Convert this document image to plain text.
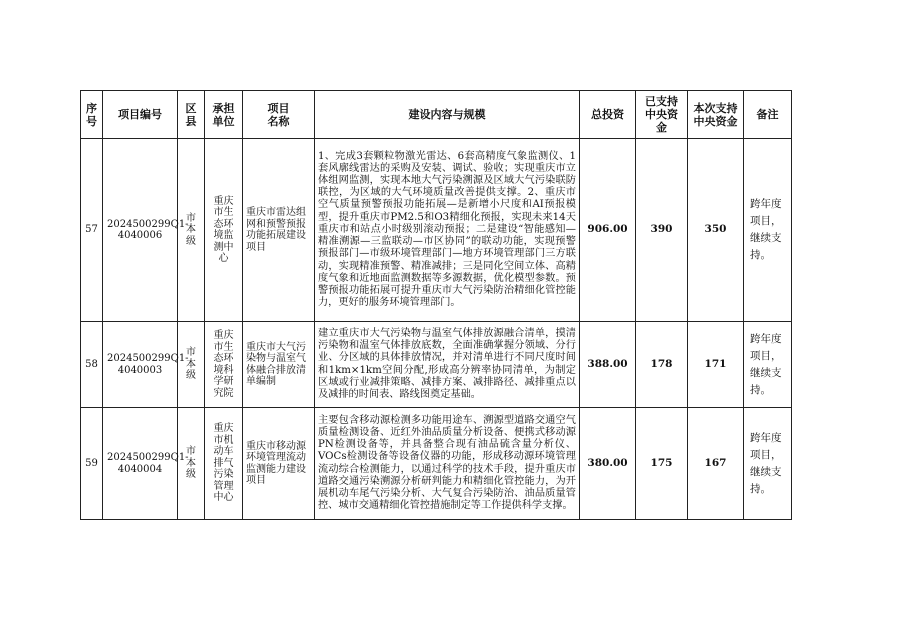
序号	项目编号	区县	承担单位	项目名称	建设内容与规模	总投资	已支持中央资金	本次支持中央资金	备注
57	2024500299Q1-4040006	市本级	重庆市生态环境监测中心	重庆市雷达组网和预警预报功能拓展建设项目	1、完成3套颗粒物激光雷达、6套高精度气象监测仪、1套风廓线雷达的采购及安装、调试、验收；实现重庆市立体组网监测，实现本地大气污染溯源及区域大气污染联防联控，为区域的大气环境质量改善提供支撑。2、重庆市空气质量预警预报功能拓展—是新增小尺度和AI预报模型，提升重庆市PM2.5和O3精细化预报，实现未来14天重庆市和站点小时级别滚动预报；二是建设“智能感知—精准溯源—三监联动—市区协同”的联动功能，实现预警预报部门—市级环境管理部门—地方环境管理部门三方联动，实现精准预警、精准减排；三是同化空间立体、高精度气象和近地面监测数据等多源数据，优化模型参数。预警预报功能拓展可提升重庆市大气污染防治精细化管控能力，更好的服务环境管理部门。	906.00	390	350	跨年度项目，继续支持。
58	2024500299Q1-4040003	市本级	重庆市生态环境科学研究院	重庆市大气污染物与温室气体融合排放清单编制	建立重庆市大气污染物与温室气体排放源融合清单，摸清污染物和温室气体排放底数，全面准确掌握分领域、分行业、分区域的具体排放情况，并对清单进行不同尺度时间和1km×1km空间分配,形成高分辨率协同清单，为制定区域或行业减排策略、减排方案、减排路径、减排重点以及减排的时间表、路线图奠定基础。	388.00	178	171	跨年度项目，继续支持。
59	2024500299Q1-4040004	市本级	重庆市机动车排气污染管理中心	重庆市移动源环境管理流动监测能力建设项目	主要包含移动源检测多功能用途车、溯源型道路交通空气质量检测设备、近红外油品质量分析设备、便携式移动源PN检测设备等，并具备整合现有油品硫含量分析仪、VOCs检测设备等设备仪器的功能，形成移动源环境管理流动综合检测能力，以通过科学的技术手段，提升重庆市道路交通污染溯源分析研判能力和精细化管控能力，为开展机动车尾气污染分析、大气复合污染防治、油品质量管控、城市交通精细化管控措施制定等工作提供科学支撑。	380.00	175	167	跨年度项目，继续支持。
